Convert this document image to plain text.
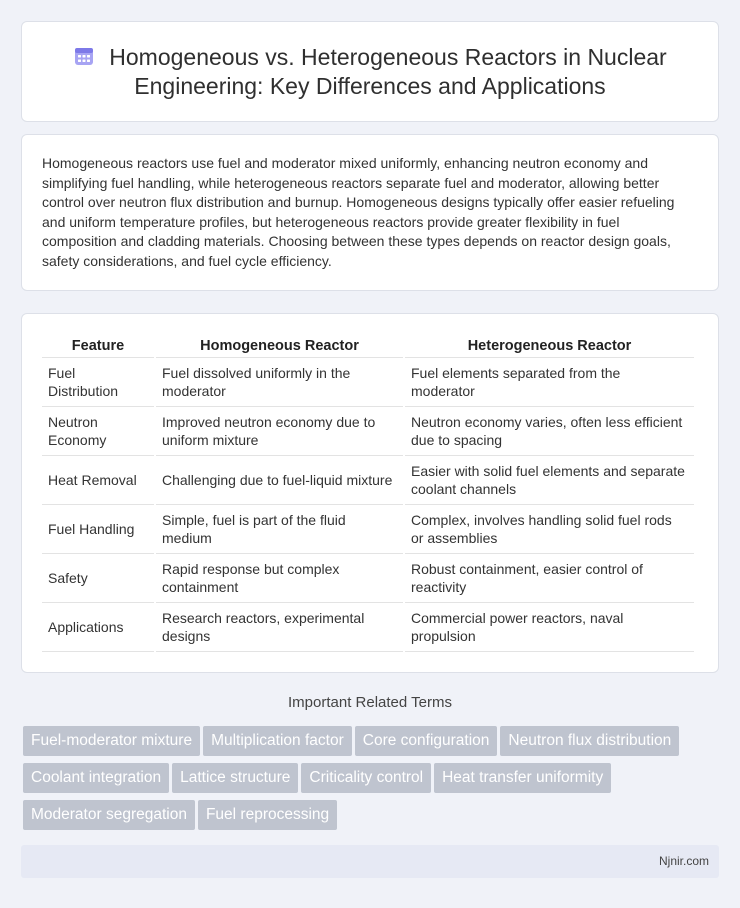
Homogeneous vs. Heterogeneous Reactors in Nuclear Engineering: Key Differences and Applications

Homogeneous reactors use fuel and moderator mixed uniformly, enhancing neutron economy and simplifying fuel handling, while heterogeneous reactors separate fuel and moderator, allowing better control over neutron flux distribution and burnup. Homogeneous designs typically offer easier refueling and uniform temperature profiles, but heterogeneous reactors provide greater flexibility in fuel composition and cladding materials. Choosing between these types depends on reactor design goals, safety considerations, and fuel cycle efficiency.

Feature	Homogeneous Reactor	Heterogeneous Reactor
Fuel Distribution	Fuel dissolved uniformly in the moderator	Fuel elements separated from the moderator
Neutron Economy	Improved neutron economy due to uniform mixture	Neutron economy varies, often less efficient due to spacing
Heat Removal	Challenging due to fuel-liquid mixture	Easier with solid fuel elements and separate coolant channels
Fuel Handling	Simple, fuel is part of the fluid medium	Complex, involves handling solid fuel rods or assemblies
Safety	Rapid response but complex containment	Robust containment, easier control of reactivity
Applications	Research reactors, experimental designs	Commercial power reactors, naval propulsion
Important Related Terms
Fuel-moderator mixture Multiplication factor Core configuration Neutron flux distribution
Coolant integration Lattice structure Criticality control Heat transfer uniformity
Moderator segregation Fuel reprocessing
Njnir.com
